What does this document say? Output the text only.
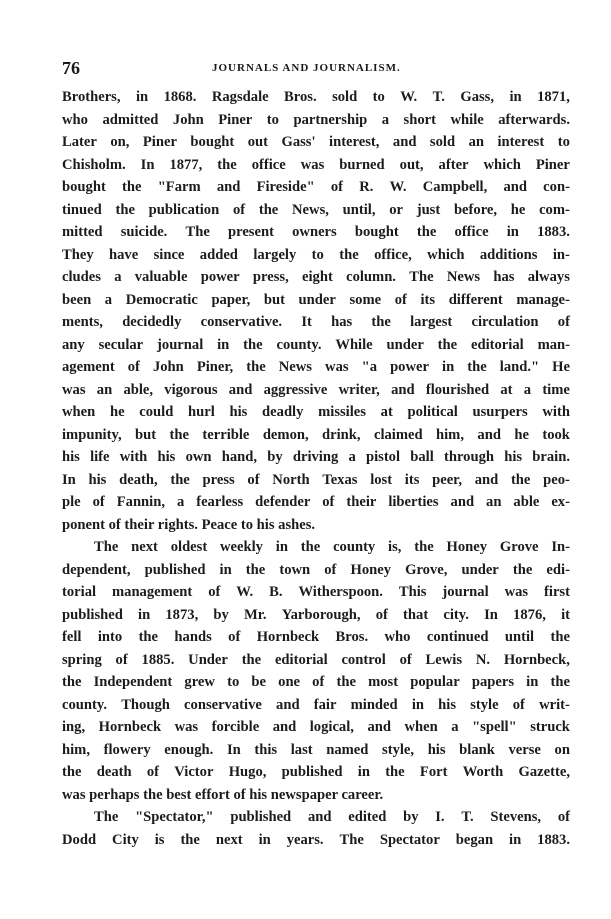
76	JOURNALS AND JOURNALISM.
Brothers, in 1868. Ragsdale Bros. sold to W. T. Gass, in 1871,
who admitted John Piner to partnership a short while afterwards.
Later on, Piner bought out Gass' interest, and sold an interest to
Chisholm. In 1877, the office was burned out, after which Piner
bought the "Farm and Fireside" of R. W. Campbell, and con-
tinued the publication of the News, until, or just before, he com-
mitted suicide. The present owners bought the office in 1883.
They have since added largely to the office, which additions in-
cludes a valuable power press, eight column. The News has always
been a Democratic paper, but under some of its different manage-
ments, decidedly conservative. It has the largest circulation of
any secular journal in the county. While under the editorial man-
agement of John Piner, the News was "a power in the land." He
was an able, vigorous and aggressive writer, and flourished at a time
when he could hurl his deadly missiles at political usurpers with
impunity, but the terrible demon, drink, claimed him, and he took
his life with his own hand, by driving a pistol ball through his brain.
In his death, the press of North Texas lost its peer, and the peo-
ple of Fannin, a fearless defender of their liberties and an able ex-
ponent of their rights. Peace to his ashes.
The next oldest weekly in the county is, the Honey Grove In-
dependent, published in the town of Honey Grove, under the edi-
torial management of W. B. Witherspoon. This journal was first
published in 1873, by Mr. Yarborough, of that city. In 1876, it
fell into the hands of Hornbeck Bros. who continued until the
spring of 1885. Under the editorial control of Lewis N. Hornbeck,
the Independent grew to be one of the most popular papers in the
county. Though conservative and fair minded in his style of writ-
ing, Hornbeck was forcible and logical, and when a "spell" struck
him, flowery enough. In this last named style, his blank verse on
the death of Victor Hugo, published in the Fort Worth Gazette,
was perhaps the best effort of his newspaper career.
The "Spectator," published and edited by I. T. Stevens, of
Dodd City is the next in years. The Spectator began in 1883.
